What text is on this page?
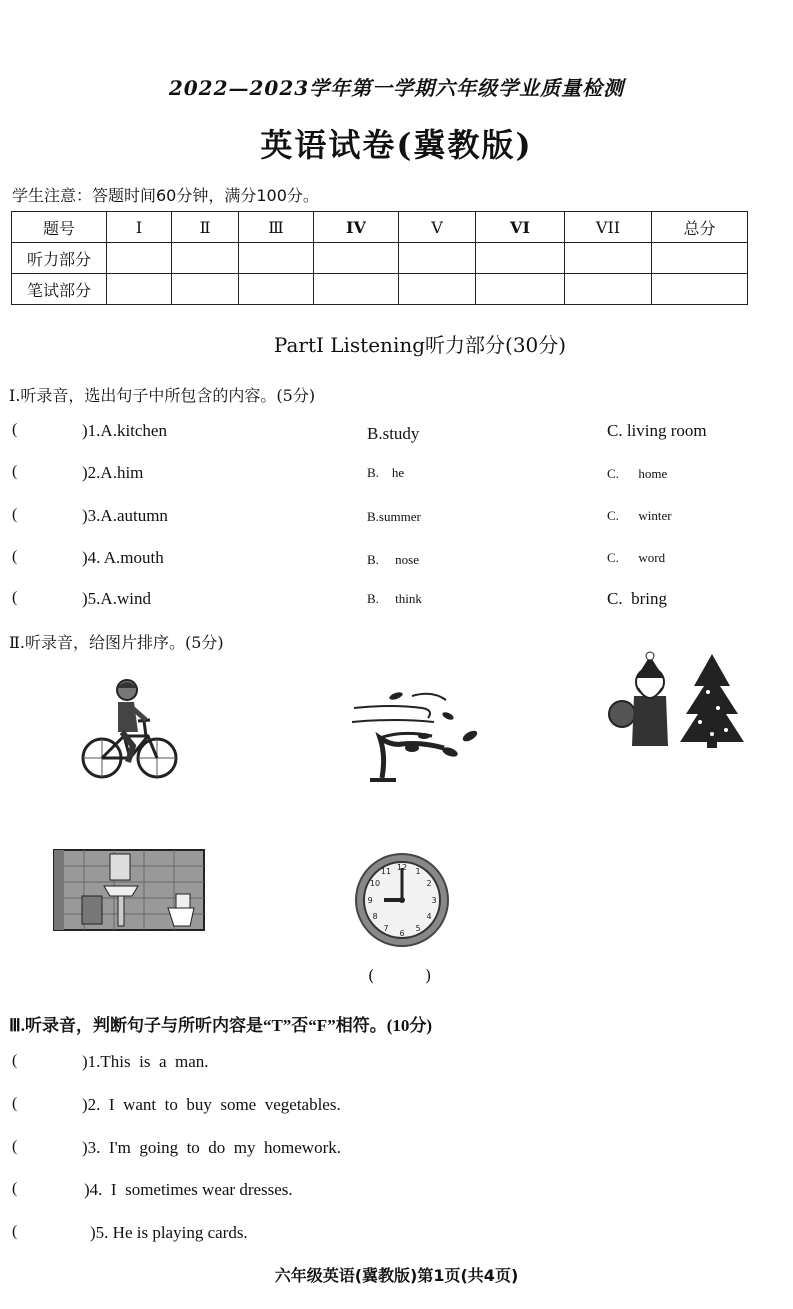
2022—2023学年第一学期六年级学业质量检测
英语试卷(冀教版)
学生注意：答题时间60分钟，满分100分。
题号	I	Ⅱ	Ⅲ	IV	V	VI	VII	总分
听力部分								
笔试部分								
PartI Listening听力部分(30分)
I.听录音，选出句子中所包含的内容。(5分)
(	)1.A.kitchen	B.study	C. living room
(	)2.A.him	B.    he	C.      home
(	)3.A.autumn	B.summer	C.      winter
(	)4. A.mouth	B.     nose	C.      word
(	)5.A.wind	B.     think	C.  bring
Ⅱ.听录音，给图片排序。(5分)
12 1
2
3
4
5
6
7
8
9
10
11
(          )
Ⅲ.听录音，判断句子与所听内容是“T”否“F”相符。(10分)
(	)1.This  is  a  man.
(	)2.  I  want  to  buy  some  vegetables.
(	)3.  I'm  going  to  do  my  homework.
(	)4.  I  sometimes wear dresses.
(	)5. He is playing cards.
六年级英语(冀教版)第1页(共4页)
